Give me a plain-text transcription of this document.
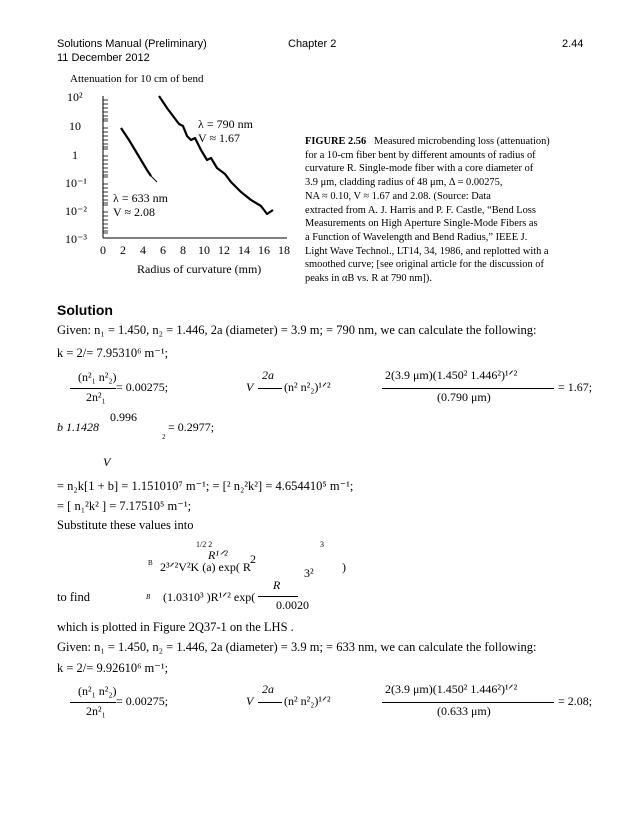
Solutions Manual (Preliminary)
11 December 2012
Chapter 2	2.44
Attenuation for 10 cm of bend
10²
10
1
10⁻¹
10⁻²
10⁻³
0 2 4 6 8 10 12 14 16 18
Radius of curvature (mm)
λ = 790 nm
V ≈ 1.67
λ = 633 nm
V ≈ 2.08
FIGURE 2.56 Measured microbending loss (attenuation)
for a 10-cm fiber bent by different amounts of radius of
curvature R. Single-mode fiber with a core diameter of
3.9 μm, cladding radius of 48 μm, Δ = 0.00275,
NA ≈ 0.10, V ≈ 1.67 and 2.08. (Source: Data
extracted from A. J. Harris and P. F. Castle, “Bend Loss
Measurements on High Aperture Single-Mode Fibers as
a Function of Wavelength and Bend Radius,” IEEE J.
Light Wave Technol., LT14, 34, 1986, and replotted with a
smoothed curve; [see original article for the discussion of
peaks in αB vs. R at 790 nm]).
Solution
Given: n₁ = 1.450, n₂ = 1.446, 2a (diameter) = 3.9 m; = 790 nm, we can calculate the following:
k = 2/= 7.95310⁶ m⁻¹;
(n²₁ n²₂)
2n²₁
= 0.00275;	V
2a
(n² n²₂)¹ᐟ²
2(3.9 μm)(1.450² 1.446²)¹ᐟ²
(0.790 μm)
= 1.67;
b 1.1428
0.996
= 0.2977;
2
V
= n₂k[1 + b] = 1.151010⁷ m⁻¹; = [² n₂²k²] = 4.654410⁵ m⁻¹;
= [ n₁²k² ] = 7.17510⁵ m⁻¹;
Substitute these values into
1/2 2
R¹ᐟ²
B 2³ᐟ²V²K (a) exp( R
2
3
3² )
to find	B (1.0310³ )R¹ᐟ² exp(
R
0.0020
which is plotted in Figure 2Q37-1 on the LHS .
Given: n₁ = 1.450, n₂ = 1.446, 2a (diameter) = 3.9 m; = 633 nm, we can calculate the following:
k = 2/= 9.92610⁶ m⁻¹;
(n²₁ n²₂)
2n²₁
= 0.00275;	V
2a
(n² n²₂)¹ᐟ²
2(3.9 μm)(1.450² 1.446²)¹ᐟ²
(0.633 μm)
= 2.08;
